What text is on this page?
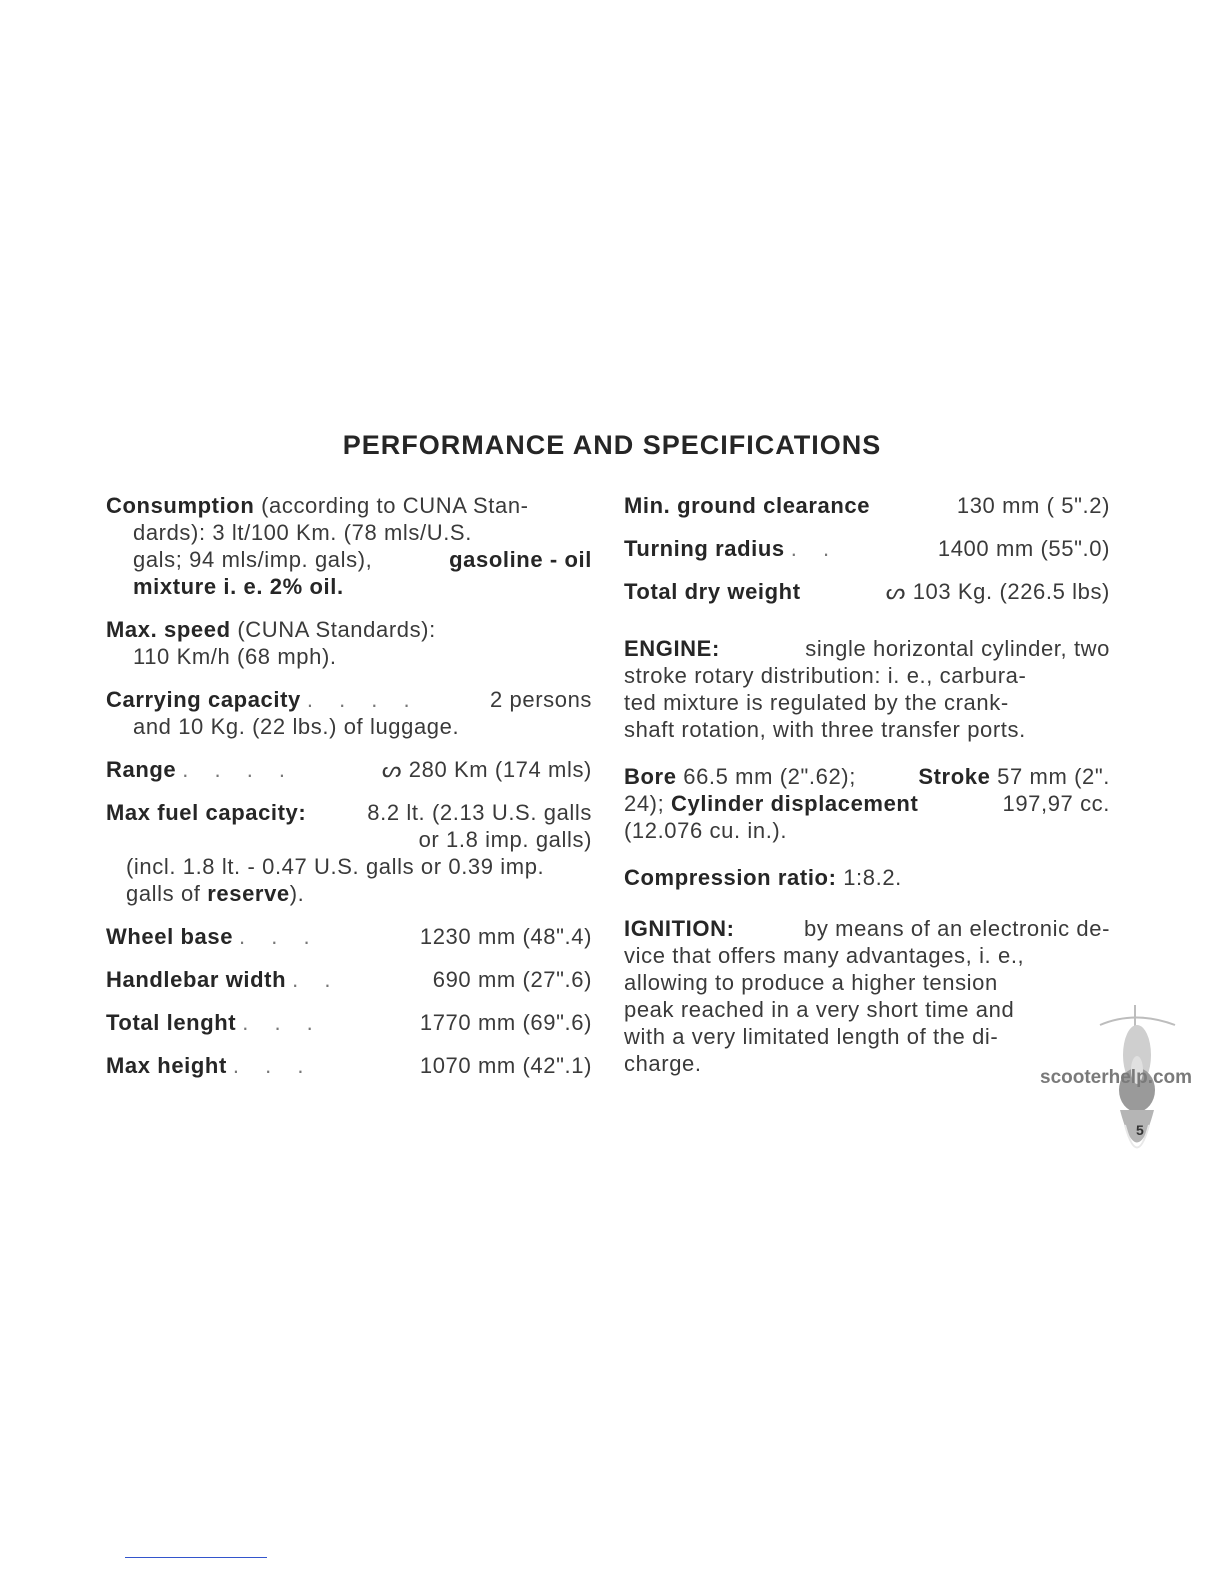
PERFORMANCE AND SPECIFICATIONS
Consumption (according to CUNA Stan-
dards): 3 lt/100 Km. (78 mls/U.S.
gals; 94 mls/imp. gals),	gasoline - oil
mixture i. e. 2% oil.
Max. speed (CUNA Standards):
110 Km/h (68 mph).
Carrying capacity . . . .	2 persons
and 10 Kg. (22 lbs.) of luggage.
Range . . . .	ᔕ 280 Km (174 mls)
Max fuel capacity:	8.2 lt. (2.13 U.S. galls
or 1.8 imp. galls)
(incl. 1.8 lt. - 0.47 U.S. galls or 0.39 imp.
galls of reserve).
Wheel base . . .	1230 mm (48".4)
Handlebar width . .	690 mm (27".6)
Total lenght . . .	1770 mm (69".6)
Max height . . .	1070 mm (42".1)
Min. ground clearance	130 mm ( 5".2)
Turning radius . .	1400 mm (55".0)
Total dry weight	ᔕ 103 Kg. (226.5 lbs)
ENGINE:	single horizontal cylinder, two
stroke rotary distribution: i. e., carbura-
ted mixture is regulated by the crank-
shaft rotation, with three transfer ports.
Bore 66.5 mm (2".62);	Stroke 57 mm (2".
24); Cylinder displacement	197,97 cc.
(12.076 cu. in.).
Compression ratio: 1:8.2.
IGNITION:	by means of an electronic de-
vice that offers many advantages, i. e.,
allowing to produce a higher tension
peak reached in a very short time and
with a very limitated length of the di-
charge.
scooterhelp.com
5
